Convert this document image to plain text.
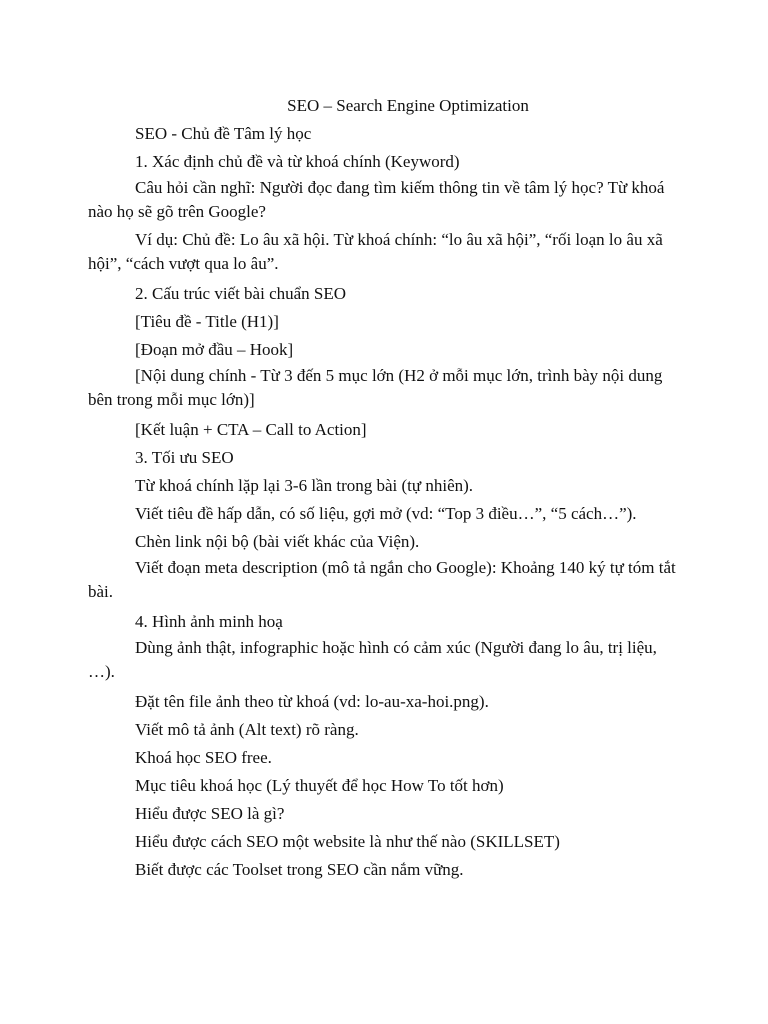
SEO – Search Engine Optimization

SEO - Chủ đề Tâm lý học

1. Xác định chủ đề và từ khoá chính (Keyword)

Câu hỏi cần nghĩ: Người đọc đang tìm kiếm thông tin về tâm lý học? Từ khoá nào họ sẽ gõ trên Google?

Ví dụ: Chủ đề: Lo âu xã hội. Từ khoá chính: “lo âu xã hội”, “rối loạn lo âu xã hội”, “cách vượt qua lo âu”.

2. Cấu trúc viết bài chuẩn SEO

[Tiêu đề - Title (H1)]

[Đoạn mở đầu – Hook]

[Nội dung chính - Từ 3 đến 5 mục lớn (H2 ở mỗi mục lớn, trình bày nội dung bên trong mỗi mục lớn)]

[Kết luận + CTA – Call to Action]

3. Tối ưu SEO

Từ khoá chính lặp lại 3-6 lần trong bài (tự nhiên).

Viết tiêu đề hấp dẫn, có số liệu, gợi mở (vd: “Top 3 điều…”, “5 cách…”).

Chèn link nội bộ (bài viết khác của Viện).

Viết đoạn meta description (mô tả ngắn cho Google): Khoảng 140 ký tự tóm tắt bài.

4. Hình ảnh minh hoạ

Dùng ảnh thật, infographic hoặc hình có cảm xúc (Người đang lo âu, trị liệu, …).

Đặt tên file ảnh theo từ khoá (vd: lo-au-xa-hoi.png).

Viết mô tả ảnh (Alt text) rõ ràng.

Khoá học SEO free.

Mục tiêu khoá học (Lý thuyết để học How To tốt hơn)

Hiểu được SEO là gì?

Hiểu được cách SEO một website là như thế nào (SKILLSET)

Biết được các Toolset trong SEO cần nắm vững.
